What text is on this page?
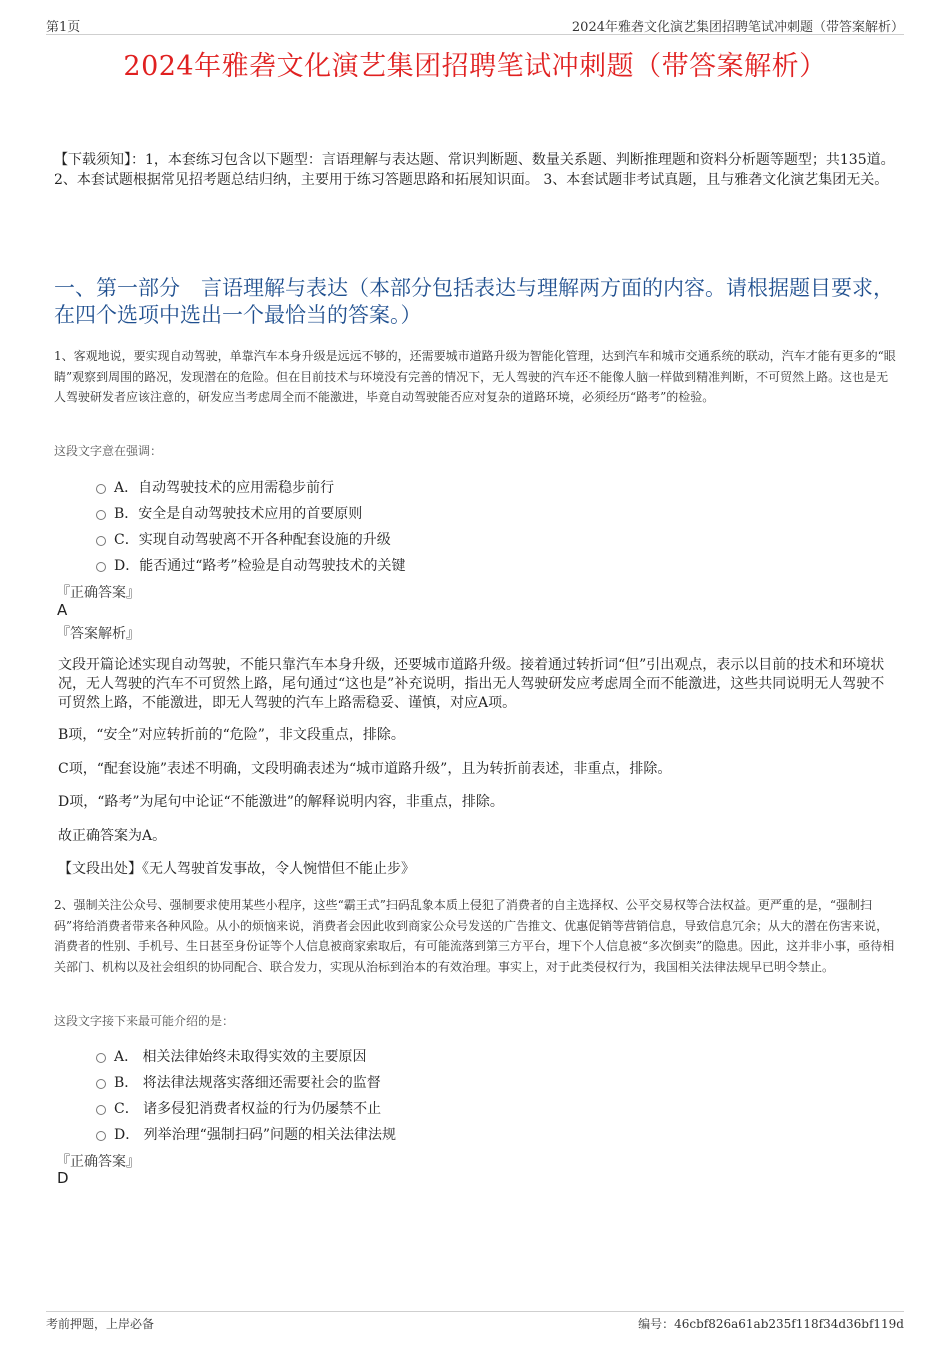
第1页	2024年雅砻文化演艺集团招聘笔试冲刺题（带答案解析）
2024年雅砻文化演艺集团招聘笔试冲刺题（带答案解析）
【下载须知】：1，本套练习包含以下题型：言语理解与表达题、常识判断题、数量关系题、判断推理题和资料分析题等题型；共135道。 2、本套试题根据常见招考题总结归纳，主要用于练习答题思路和拓展知识面。 3、本套试题非考试真题，且与雅砻文化演艺集团无关。
一、第一部分　言语理解与表达（本部分包括表达与理解两方面的内容。请根据题目要求，在四个选项中选出一个最恰当的答案。）
1、客观地说，要实现自动驾驶，单靠汽车本身升级是远远不够的，还需要城市道路升级为智能化管理，达到汽车和城市交通系统的联动，汽车才能有更多的“眼睛”观察到周围的路况，发现潜在的危险。但在目前技术与环境没有完善的情况下，无人驾驶的汽车还不能像人脑一样做到精准判断，不可贸然上路。这也是无人驾驶研发者应该注意的，研发应当考虑周全而不能激进，毕竟自动驾驶能否应对复杂的道路环境，必须经历“路考”的检验。
这段文字意在强调：
A．自动驾驶技术的应用需稳步前行
B．安全是自动驾驶技术应用的首要原则
C．实现自动驾驶离不开各种配套设施的升级
D．能否通过“路考”检验是自动驾驶技术的关键
『正确答案』
A
『答案解析』
文段开篇论述实现自动驾驶，不能只靠汽车本身升级，还要城市道路升级。接着通过转折词“但”引出观点，表示以目前的技术和环境状况，无人驾驶的汽车不可贸然上路，尾句通过“这也是”补充说明，指出无人驾驶研发应考虑周全而不能激进，这些共同说明无人驾驶不可贸然上路，不能激进，即无人驾驶的汽车上路需稳妥、谨慎，对应A项。
B项，“安全”对应转折前的“危险”，非文段重点，排除。
C项，“配套设施”表述不明确，文段明确表述为“城市道路升级”，且为转折前表述，非重点，排除。
D项，“路考”为尾句中论证“不能激进”的解释说明内容，非重点，排除。
故正确答案为A。
【文段出处】《无人驾驶首发事故，令人惋惜但不能止步》
2、强制关注公众号、强制要求使用某些小程序，这些“霸王式”扫码乱象本质上侵犯了消费者的自主选择权、公平交易权等合法权益。更严重的是，“强制扫码”将给消费者带来各种风险。从小的烦恼来说，消费者会因此收到商家公众号发送的广告推文、优惠促销等营销信息，导致信息冗余；从大的潜在伤害来说，消费者的性别、手机号、生日甚至身份证等个人信息被商家索取后，有可能流落到第三方平台，埋下个人信息被“多次倒卖”的隐患。因此，这并非小事，亟待相关部门、机构以及社会组织的协同配合、联合发力，实现从治标到治本的有效治理。事实上，对于此类侵权行为，我国相关法律法规早已明令禁止。
这段文字接下来最可能介绍的是：
A． 相关法律始终未取得实效的主要原因
B． 将法律法规落实落细还需要社会的监督
C． 诸多侵犯消费者权益的行为仍屡禁不止
D． 列举治理“强制扫码”问题的相关法律法规
『正确答案』
D
考前押题，上岸必备	编号：46cbf826a61ab235f118f34d36bf119d
